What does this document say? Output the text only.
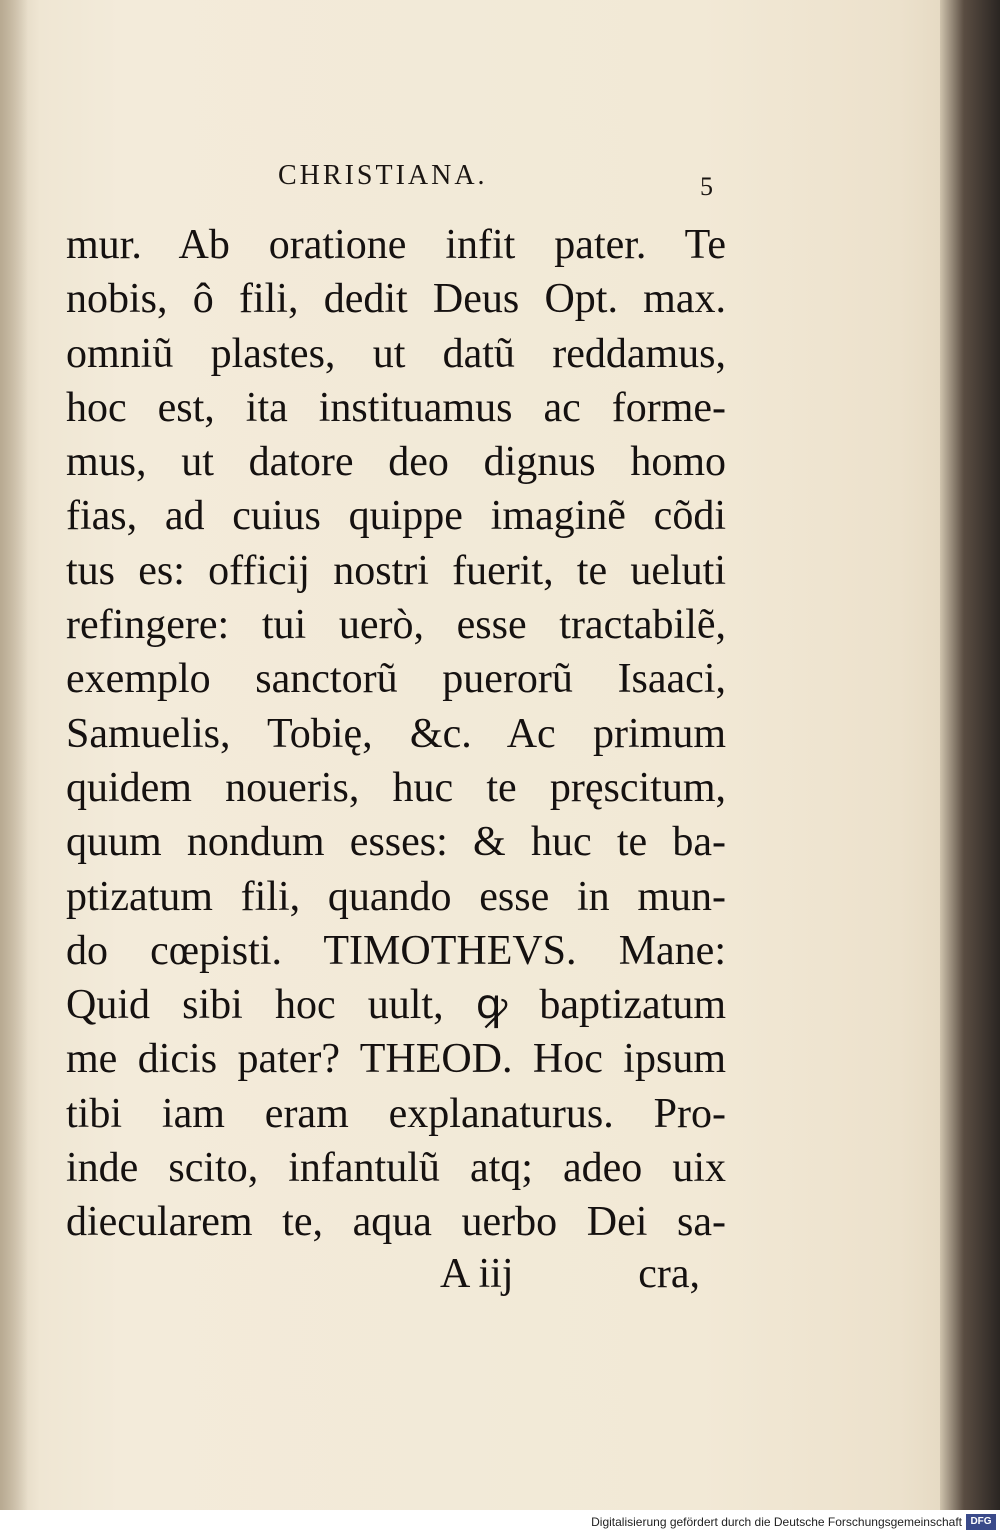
CHRISTIANA.	5
mur. Ab oratione infit pater. Te
nobis, ô fili, dedit Deus Opt. max.
omniũ plastes, ut datũ reddamus,
hoc est, ita instituamus ac forme-
mus, ut datore deo dignus homo
fias, ad cuius quippe imaginẽ cõdi
tus es: officij nostri fuerit, te ueluti
refingere: tui uerò, esse tractabilẽ,
exemplo sanctorũ puerorũ Isaaci,
Samuelis, Tobię, &c. Ac primum
quidem noueris, huc te pręscitum,
quum nondum esses: & huc te ba-
ptizatum fili, quando esse in mun-
do cœpisti. TIMOTHEVS. Mane:
Quid sibi hoc uult, ꝙ baptizatum
me dicis pater? THEOD. Hoc ipsum
tibi iam eram explanaturus. Pro-
inde scito, infantulũ atq; adeo uix
diecularem te, aqua uerbo Dei sa-
A iij	cra,
Digitalisierung gefördert durch die Deutsche Forschungsgemeinschaft DFG
